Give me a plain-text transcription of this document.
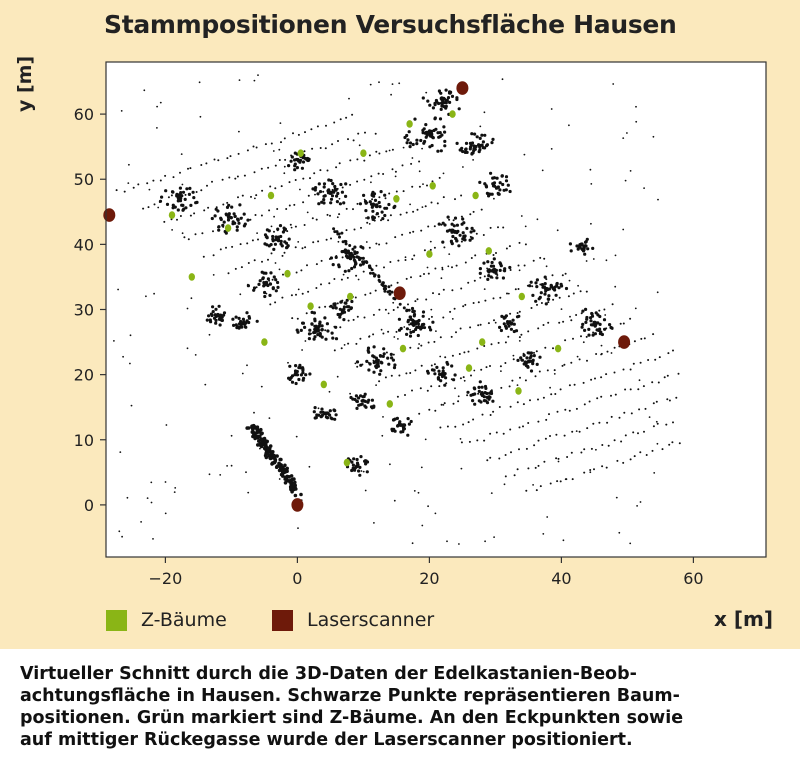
Stammpositionen Versuchsfläche Hausen
y [m]
x [m]
−20	0	20	40	60
0
10
20
30
40
50
60
Z-Bäume	Laserscanner
Virtueller Schnitt durch die 3D-Daten der Edelkastanien-Beob-
achtungsfläche in Hausen. Schwarze Punkte repräsentieren Baum-
positionen. Grün markiert sind Z-Bäume. An den Eckpunkten sowie
auf mittiger Rückegasse wurde der Laserscanner positioniert.
